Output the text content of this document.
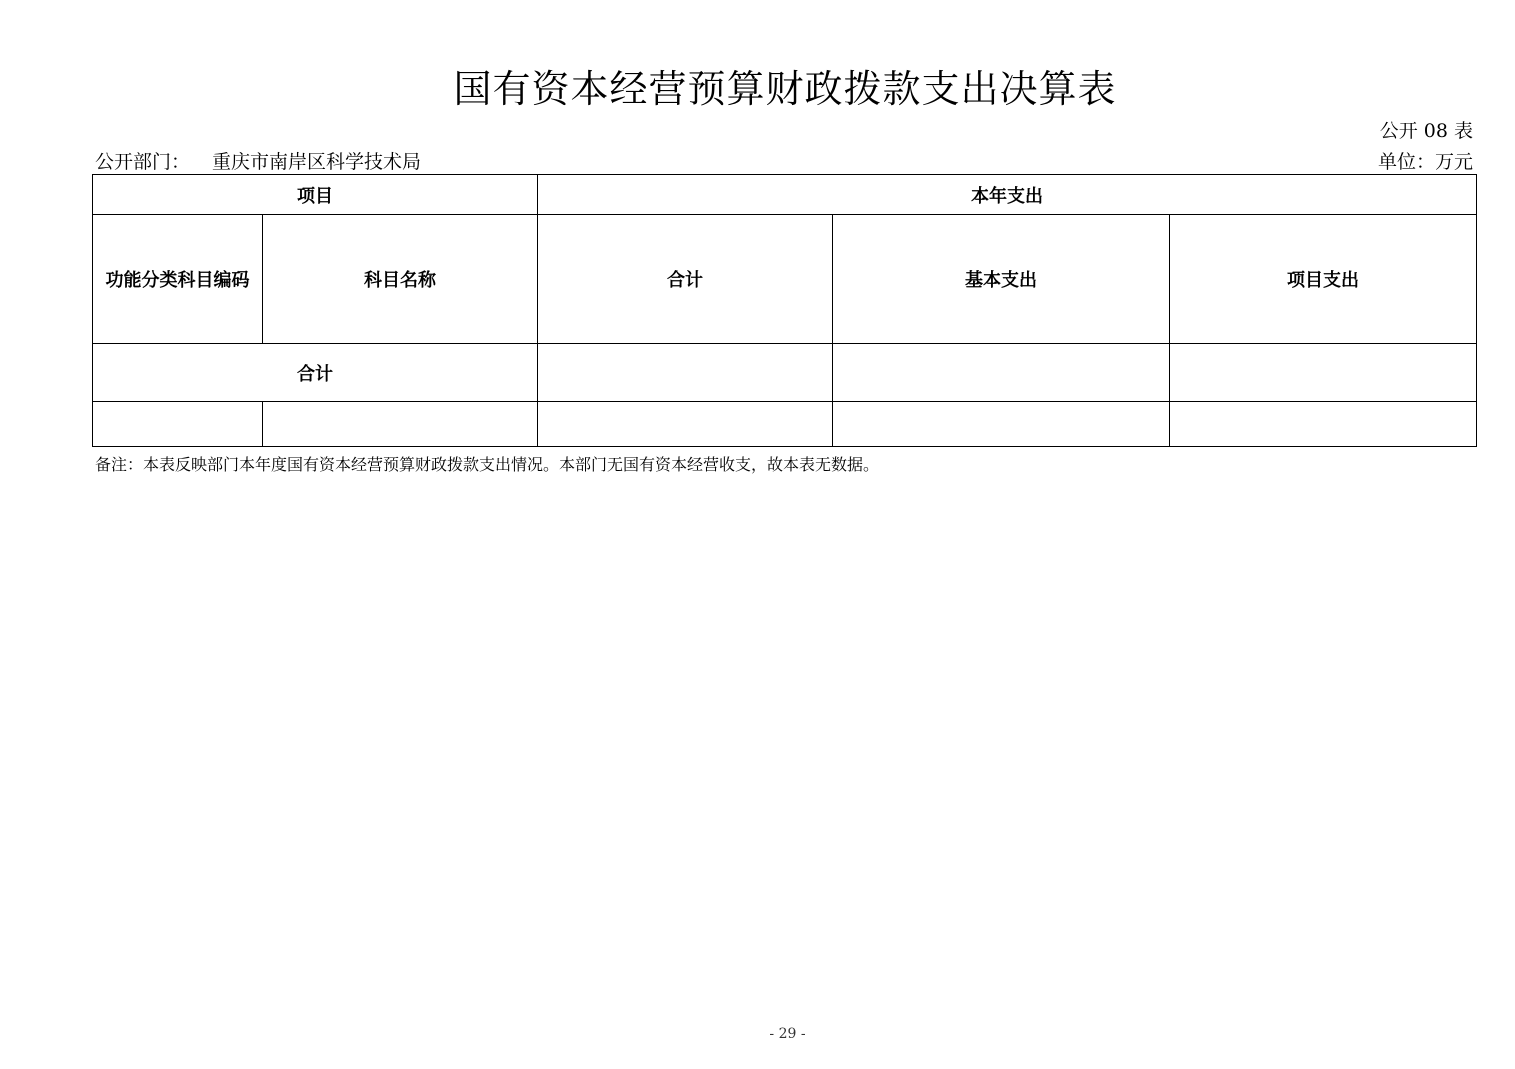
国有资本经营预算财政拨款支出决算表
公开 08 表
公开部门： 重庆市南岸区科学技术局	单位：万元
项目		本年支出		
功能分类科目编码	科目名称	合计	基本支出	项目支出
合计				

备注：本表反映部门本年度国有资本经营预算财政拨款支出情况。本部门无国有资本经营收支，故本表无数据。
- 29 -
